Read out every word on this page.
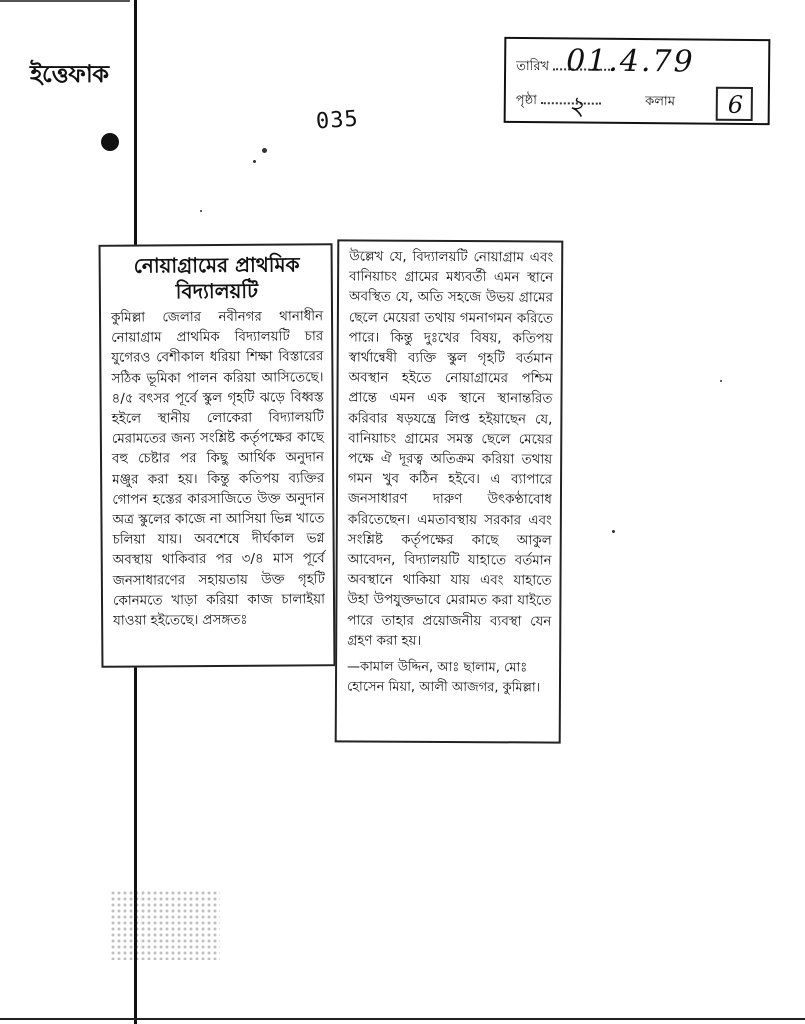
ইত্তেফাক
035
তারিখ 01.4.79
পৃষ্ঠা	কলাম
২	6
নোয়াগ্রামের প্রাথমিক বিদ্যালয়টি
কুমিল্লা জেলার নবীনগর থানাধীন নোয়াগ্রাম প্রাথমিক বিদ্যালয়টি চার যুগেরও বেশীকাল ধরিয়া শিক্ষা বিস্তারের সঠিক ভূমিকা পালন করিয়া আসিতেছে। ৪/৫ বৎসর পূর্বে স্কুল গৃহটি ঝড়ে বিধ্বস্ত হইলে স্থানীয় লোকেরা বিদ্যালয়টি মেরামতের জন্য সংশ্লিষ্ট কর্তৃপক্ষের কাছে বহু চেষ্টার পর কিছু আর্থিক অনুদান মঞ্জুর করা হয়। কিন্তু কতিপয় ব্যক্তির গোপন হস্তের কারসাজিতে উক্ত অনুদান অত্র স্কুলের কাজে না আসিয়া ভিন্ন খাতে চলিয়া যায়। অবশেষে দীর্ঘকাল ভগ্ন অবস্থায় থাকিবার পর ৩/৪ মাস পূর্বে জনসাধারণের সহায়তায় উক্ত গৃহটি কোনমতে খাড়া করিয়া কাজ চালাইয়া যাওয়া হইতেছে। প্রসঙ্গতঃ
উল্লেখ যে, বিদ্যালয়টি নোয়াগ্রাম এবং বানিয়াচং গ্রামের মধ্যবর্তী এমন স্থানে অবস্থিত যে, অতি সহজে উভয় গ্রামের ছেলে মেয়েরা তথায় গমনাগমন করিতে পারে। কিন্তু দুঃখের বিষয়, কতিপয় স্বার্থান্বেষী ব্যক্তি স্কুল গৃহটি বর্তমান অবস্থান হইতে নোয়াগ্রামের পশ্চিম প্রান্তে এমন এক স্থানে স্থানান্তরিত করিবার ষড়যন্ত্রে লিপ্ত হইয়াছেন যে, বানিয়াচং গ্রামের সমস্ত ছেলে মেয়ের পক্ষে ঐ দূরত্ব অতিক্রম করিয়া তথায় গমন খুব কঠিন হইবে। এ ব্যাপারে জনসাধারণ দারুণ উৎকণ্ঠাবোধ করিতেছেন। এমতাবস্থায় সরকার এবং সংশ্লিষ্ট কর্তৃপক্ষের কাছে আকুল আবেদন, বিদ্যালয়টি যাহাতে বর্তমান অবস্থানে থাকিয়া যায় এবং যাহাতে উহা উপযুক্তভাবে মেরামত করা যাইতে পারে তাহার প্রয়োজনীয় ব্যবস্থা যেন গ্রহণ করা হয়।
—কামাল উদ্দিন, আঃ ছালাম, মোঃ হোসেন মিয়া, আলী আজগর, কুমিল্লা।
